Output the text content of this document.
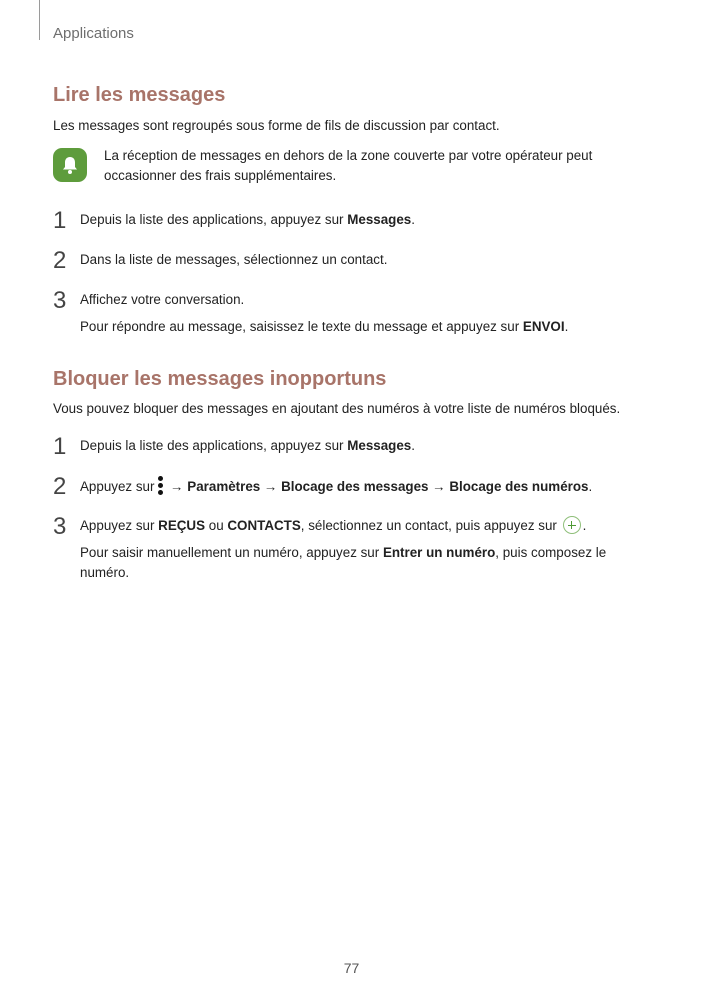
Applications
Lire les messages

Les messages sont regroupés sous forme de fils de discussion par contact.

La réception de messages en dehors de la zone couverte par votre opérateur peut occasionner des frais supplémentaires.
1 Depuis la liste des applications, appuyez sur Messages.
2 Dans la liste de messages, sélectionnez un contact.
3 Affichez votre conversation.
Pour répondre au message, saisissez le texte du message et appuyez sur ENVOI.
Bloquer les messages inopportuns

Vous pouvez bloquer des messages en ajoutant des numéros à votre liste de numéros bloqués.

1 Depuis la liste des applications, appuyez sur Messages.
2 Appuyez sur
→ Paramètres → Blocage des messages → Blocage des numéros.
3 Appuyez sur REÇUS ou CONTACTS, sélectionnez un contact, puis appuyez sur .
Pour saisir manuellement un numéro, appuyez sur Entrer un numéro, puis composez le numéro.
77
